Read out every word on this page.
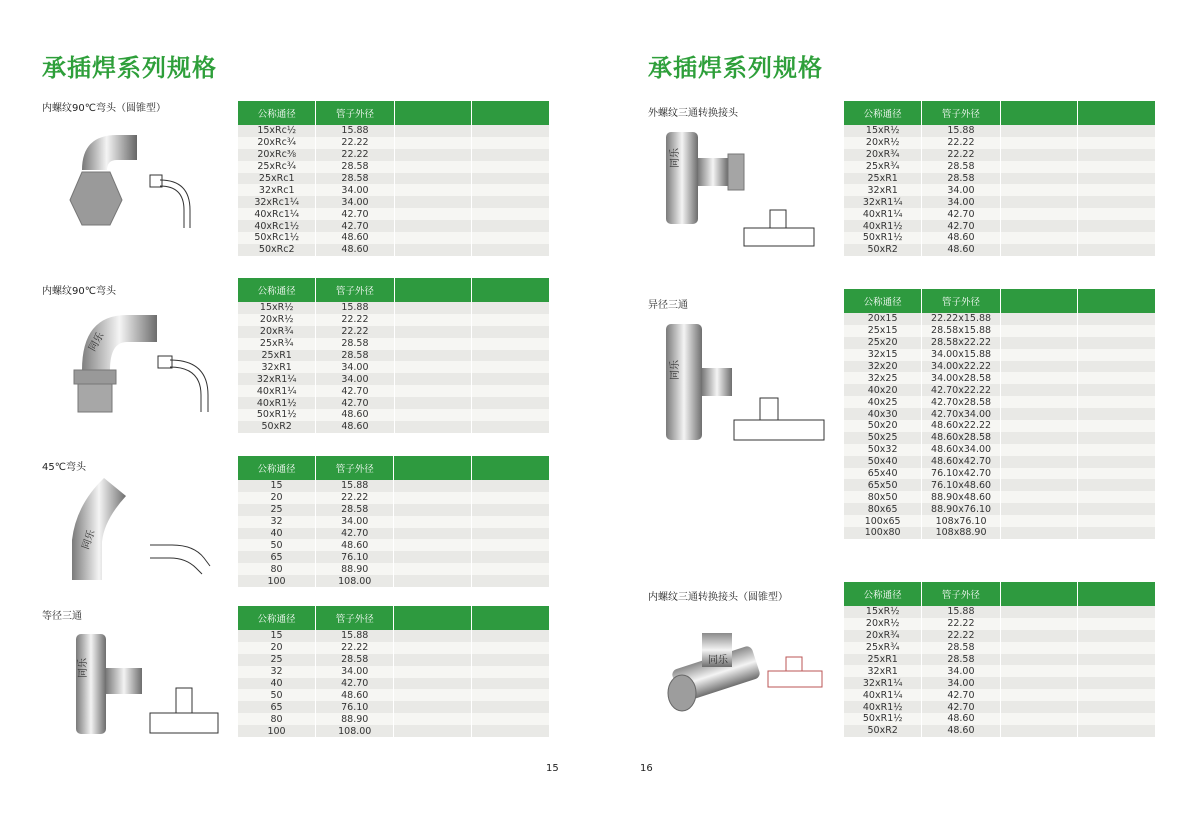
承插焊系列规格	承插焊系列规格
内螺纹90℃弯头（圆锥型）
内螺纹90℃弯头
45℃弯头
等径三通
外螺纹三通转换接头
异径三通
内螺纹三通转换接头（圆锥型）
公称通径	管子外径		
15xRc½	15.88		
20xRc¾	22.22		
20xRc⅜	22.22		
25xRc¾	28.58		
25xRc1	28.58		
32xRc1	34.00		
32xRc1¼	34.00		
40xRc1¼	42.70		
40xRc1½	42.70		
50xRc1½	48.60		
50xRc2	48.60		
公称通径	管子外径		
15xR½	15.88		
20xR½	22.22		
20xR¾	22.22		
25xR¾	28.58		
25xR1	28.58		
32xR1	34.00		
32xR1¼	34.00		
40xR1¼	42.70		
40xR1½	42.70		
50xR1½	48.60		
50xR2	48.60		
公称通径	管子外径		
15	15.88		
20	22.22		
25	28.58		
32	34.00		
40	42.70		
50	48.60		
65	76.10		
80	88.90		
100	108.00		
公称通径	管子外径		
15	15.88		
20	22.22		
25	28.58		
32	34.00		
40	42.70		
50	48.60		
65	76.10		
80	88.90		
100	108.00		
公称通径	管子外径		
15xR½	15.88		
20xR½	22.22		
20xR¾	22.22		
25xR¾	28.58		
25xR1	28.58		
32xR1	34.00		
32xR1¼	34.00		
40xR1¼	42.70		
40xR1½	42.70		
50xR1½	48.60		
50xR2	48.60		
公称通径	管子外径		
20x15	22.22x15.88		
25x15	28.58x15.88		
25x20	28.58x22.22		
32x15	34.00x15.88		
32x20	34.00x22.22		
32x25	34.00x28.58		
40x20	42.70x22.22		
40x25	42.70x28.58		
40x30	42.70x34.00		
50x20	48.60x22.22		
50x25	48.60x28.58		
50x32	48.60x34.00		
50x40	48.60x42.70		
65x40	76.10x42.70		
65x50	76.10x48.60		
80x50	88.90x48.60		
80x65	88.90x76.10		
100x65	108x76.10		
100x80	108x88.90		
公称通径	管子外径		
15xR½	15.88		
20xR½	22.22		
20xR¾	22.22		
25xR¾	28.58		
25xR1	28.58		
32xR1	34.00		
32xR1¼	34.00		
40xR1¼	42.70		
40xR1½	42.70		
50xR1½	48.60		
50xR2	48.60		
同乐
同乐
同乐
同乐
同乐
同乐
15	16
